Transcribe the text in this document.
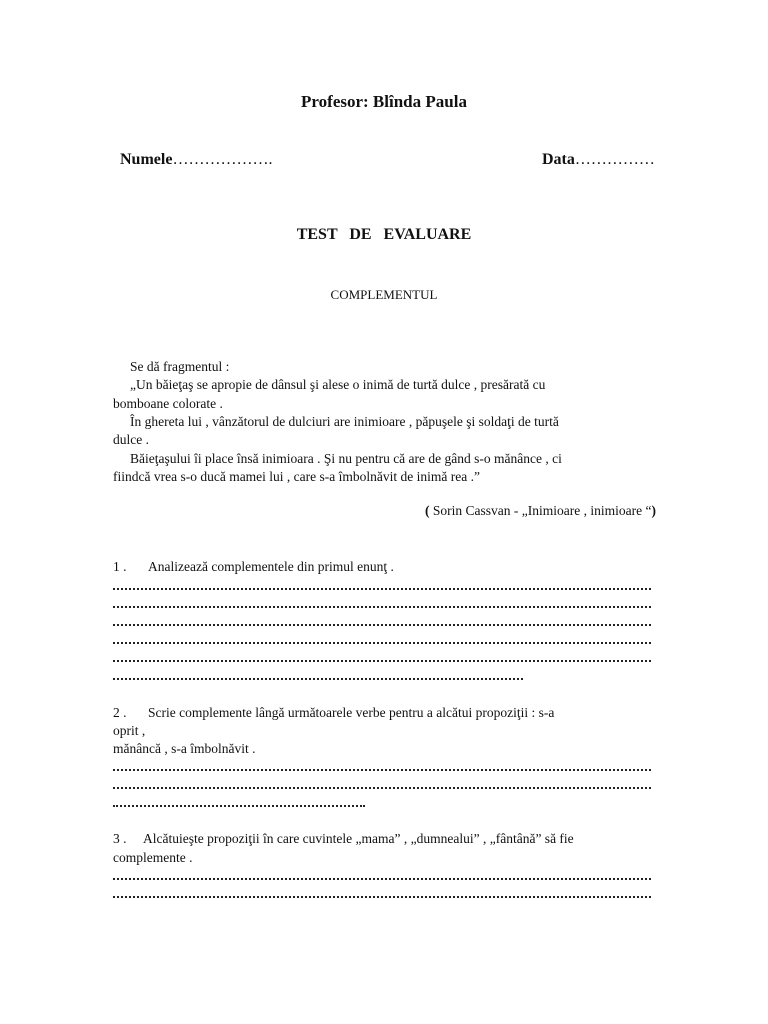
Profesor: Blînda Paula
Numele……………….	Data……………
TEST DE EVALUARE
COMPLEMENTUL
Se dă fragmentul :
„Un băieţaş se apropie de dânsul şi alese o inimă de turtă dulce , presărată cu
bomboane colorate .
În ghereta lui , vânzătorul de dulciuri are inimioare , păpuşele şi soldaţi de turtă
dulce .
Băieţaşului îi place însă inimioara . Şi nu pentru că are de gând s-o mănânce , ci
fiindcă vrea s-o ducă mamei lui , care s-a îmbolnăvit de inimă rea .”
( Sorin Cassvan - „Inimioare , inimioare “)
1 . Analizează complementele din primul enunţ .
2 . Scrie complemente lângă următoarele verbe pentru a alcătui propoziţii : s-a
oprit ,
mănâncă , s-a îmbolnăvit .
3 . Alcătuieşte propoziţii în care cuvintele „mama” , „dumnealui” , „fântână” să fie
complemente .
